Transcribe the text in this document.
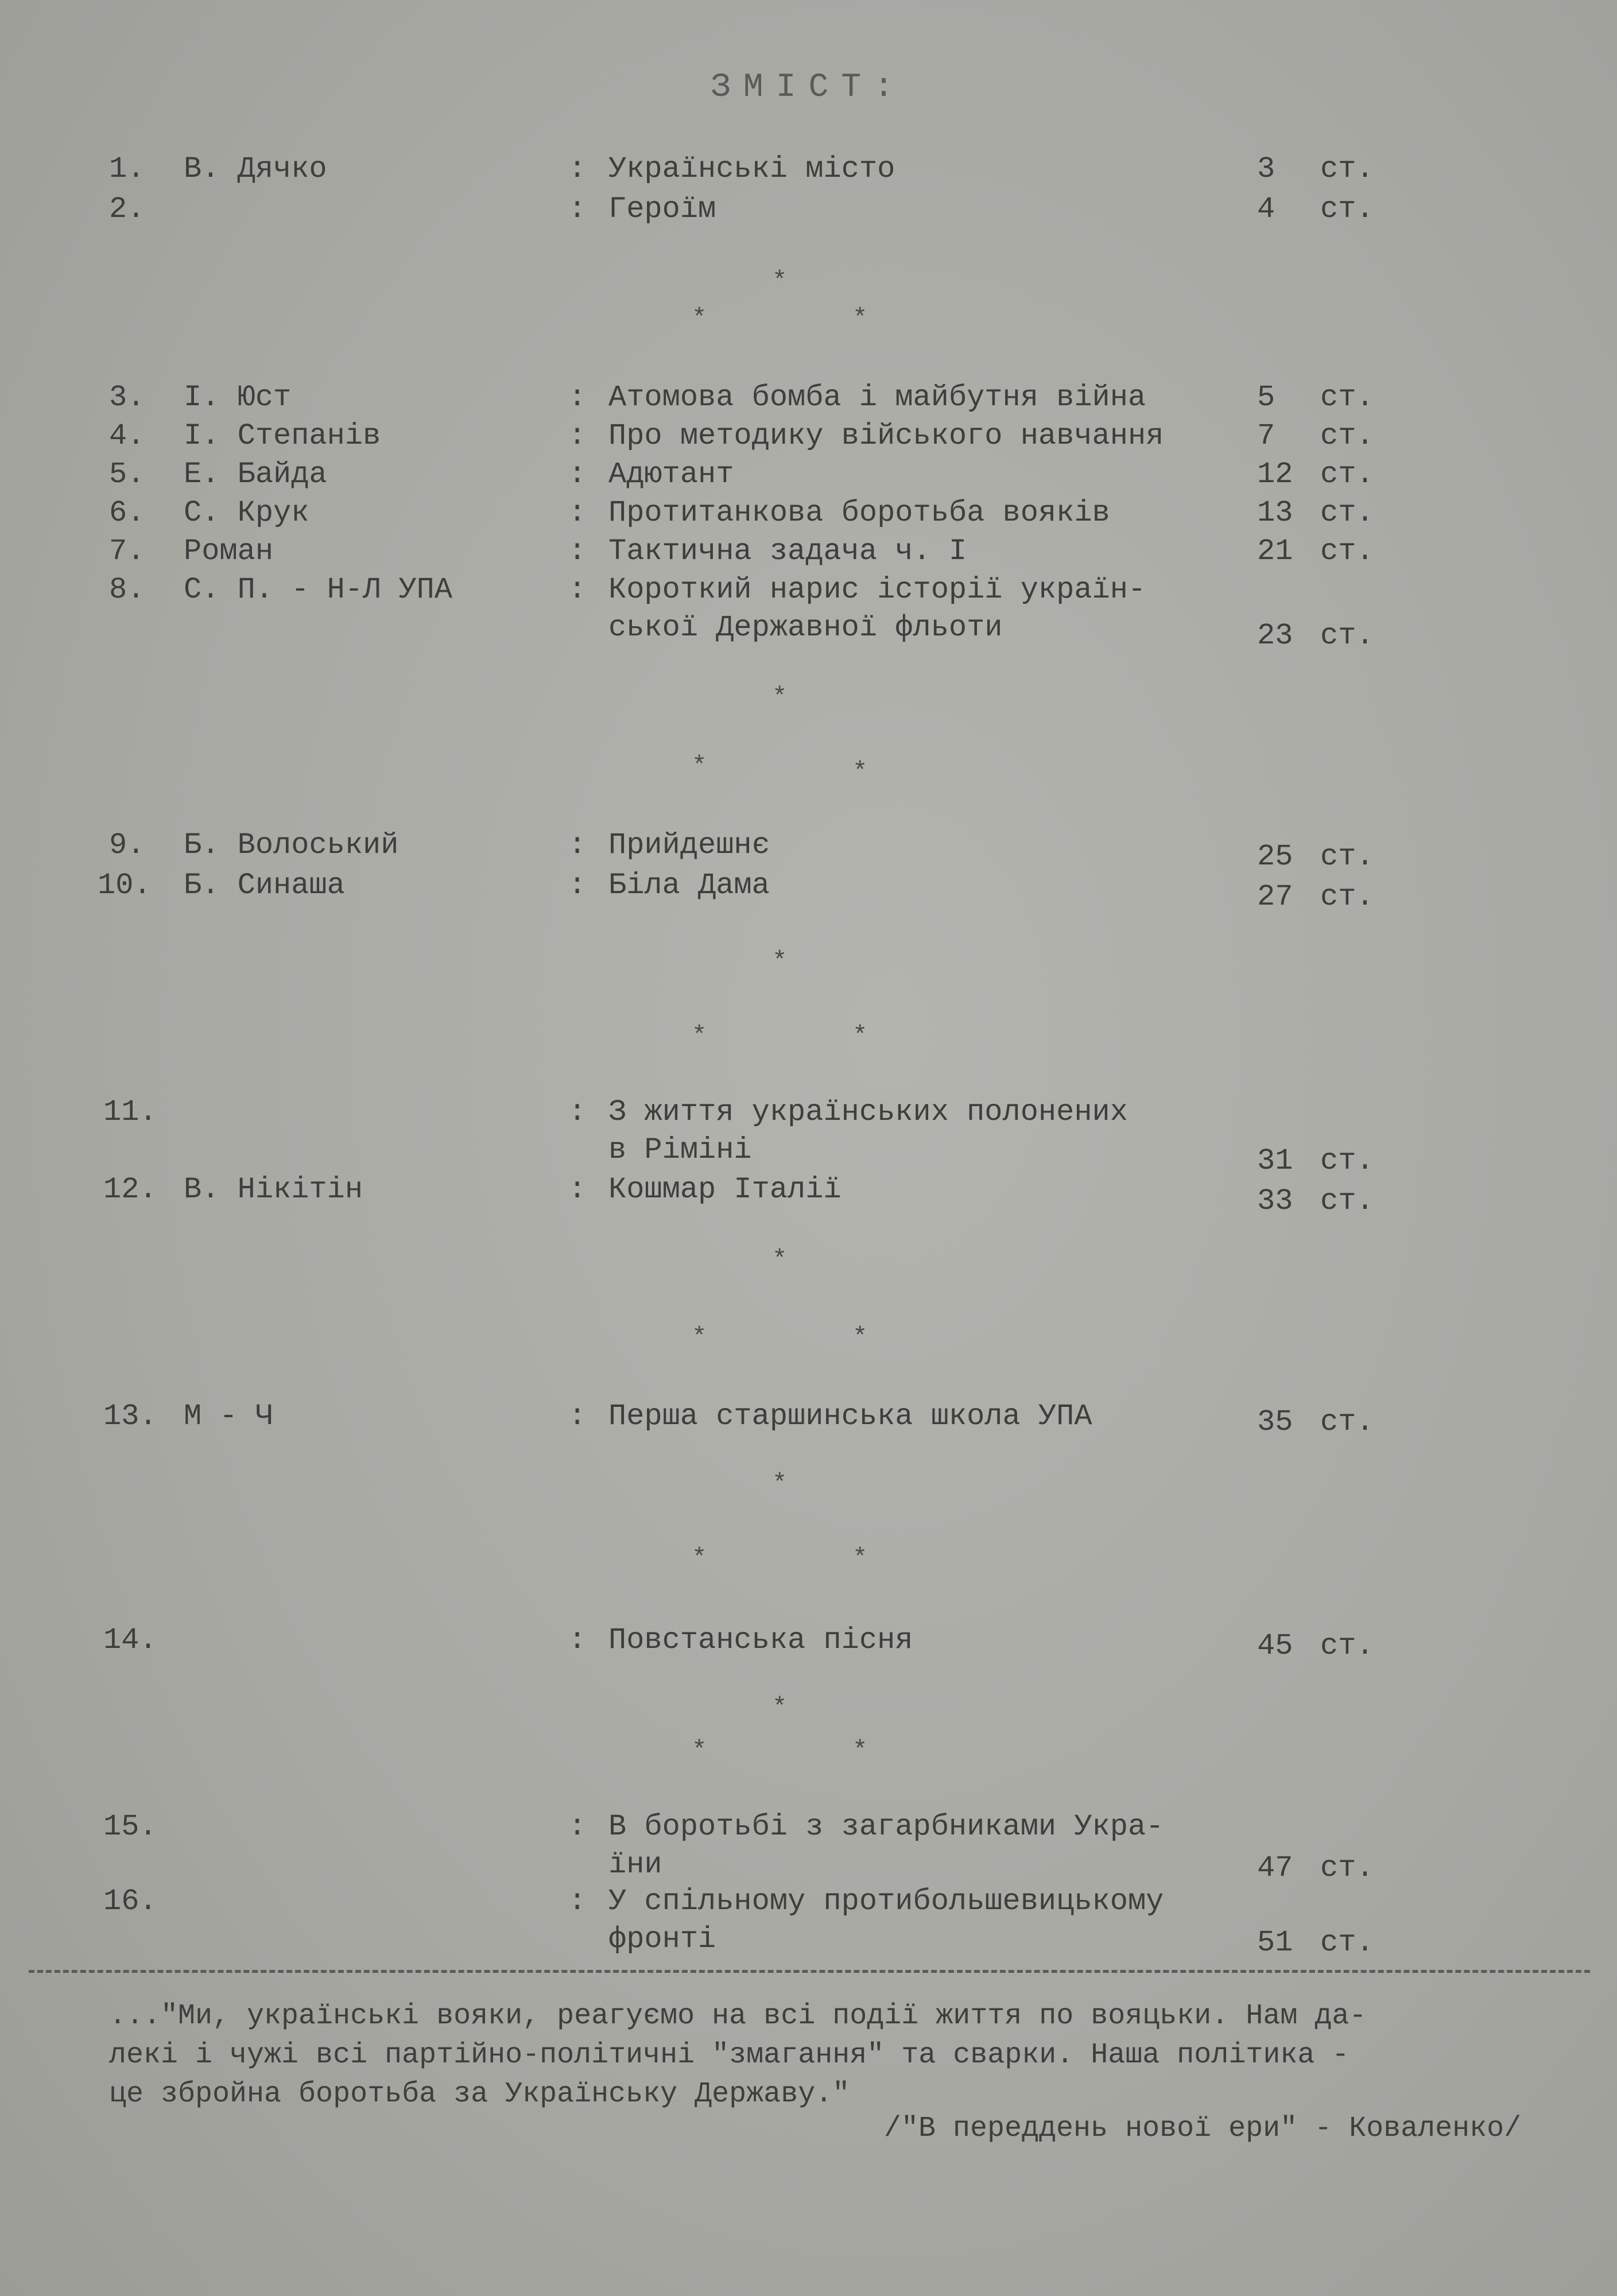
ЗМІСТ:
1. В. Дячко	: Українські місто	3 ст.
2.	: Героїм	4 ст.
*
*	*
3. І. Юст	: Атомова бомба і майбутня війна	5 ст.
4. І. Степанів	: Про методику війського навчання	7 ст.
5. Е. Байда	: Адютант	12 ст.
6. С. Крук	: Протитанкова боротьба вояків	13 ст.
7. Роман	: Тактична задача ч. І	21 ст.
8. С. П. - Н-Л УПА	: Короткий нарис історії україн-
ської Державної фльоти	23 ст.
*
*	*
9. Б. Волоський	: Прийдешнє	25 ст.
10. Б. Синаша	: Біла Дама	27 ст.
*
*	*
11.	: З життя українських полонених
в Ріміні	31 ст.
12. В. Нікітін	: Кошмар Італії	33 ст.
*
*	*
13. М - Ч	: Перша старшинська школа УПА	35 ст.
*
*	*
14.	: Повстанська пісня	45 ст.
*
*	*
15.	: В боротьбі з загарбниками Укра-
їни	47 ст.
16.	: У спільному протибольшевицькому
фронті	51 ст.
..."Ми, українські вояки, реагуємо на всі події життя по вояцьки. Нам да-
лекі і чужі всі партійно-політичні "змагання" та сварки. Наша політика -
це збройна боротьба за Українську Державу."
/"В переддень нової ери" - Коваленко/
